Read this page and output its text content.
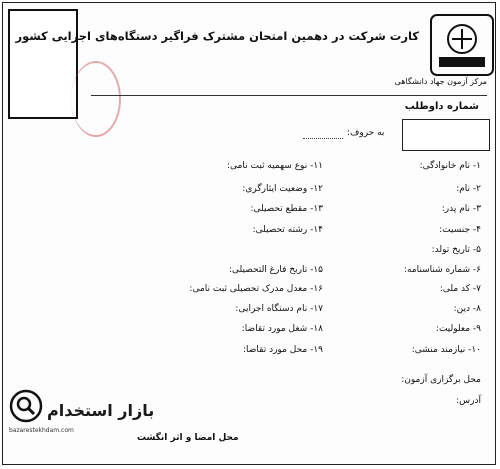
مرکز آزمون جهاد دانشگاهی
کارت شرکت در دهمین امتحان مشترک فراگیر دستگاه‌های اجرایی کشور
شماره داوطلب
به حروف:
۱- نام خانوادگی:
۲- نام:
۳- نام پدر:
۴- جنسیت:
۵- تاریخ تولد:
۶- شماره شناسنامه:
۷- کد ملی:
۸- دین:
۹- معلولیت:
۱۰- نیازمند منشی:
۱۱- نوع سهمیه ثبت نامی:
۱۲- وضعیت ایثارگری:
۱۳- مقطع تحصیلی:
۱۴- رشته تحصیلی:
۱۵- تاریخ فارغ التحصیلی:
۱۶- معدل مدرک تحصیلی ثبت نامی:
۱۷- نام دستگاه اجرایی:
۱۸- شغل مورد تقاضا:
۱۹- محل مورد تقاضا:
محل برگزاری آزمون:
آدرس:
بازار استخدام
bazarestekhdam.com
محل امضا و اثر انگشت
